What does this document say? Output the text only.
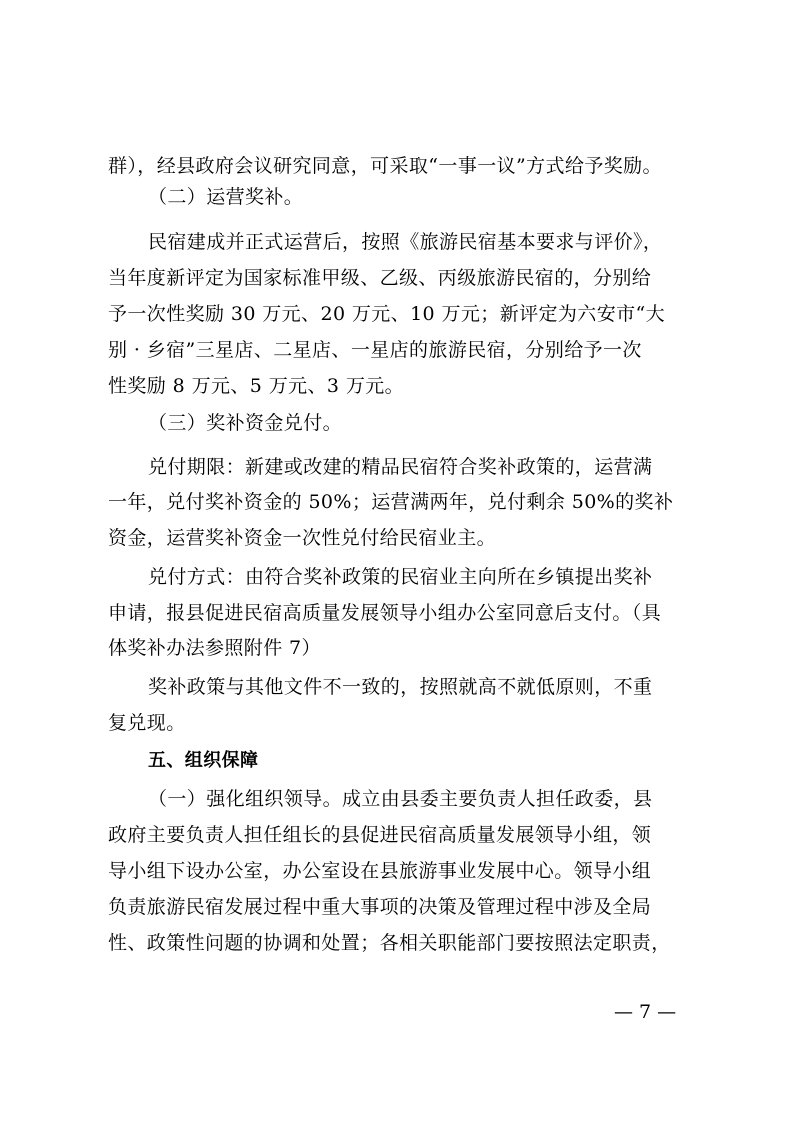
群），经县政府会议研究同意，可采取“一事一议”方式给予奖励。
（二）运营奖补。
民宿建成并正式运营后，按照《旅游民宿基本要求与评价》，
当年度新评定为国家标准甲级、乙级、丙级旅游民宿的，分别给
予一次性奖励 30 万元、20 万元、10 万元；新评定为六安市“大
别 · 乡宿”三星店、二星店、一星店的旅游民宿，分别给予一次
性奖励 8 万元、5 万元、3 万元。
（三）奖补资金兑付。
兑付期限：新建或改建的精品民宿符合奖补政策的，运营满
一年，兑付奖补资金的 50%；运营满两年，兑付剩余 50%的奖补
资金，运营奖补资金一次性兑付给民宿业主。
兑付方式：由符合奖补政策的民宿业主向所在乡镇提出奖补
申请，报县促进民宿高质量发展领导小组办公室同意后支付。（具
体奖补办法参照附件 7）
奖补政策与其他文件不一致的，按照就高不就低原则，不重
复兑现。
五、组织保障
（一）强化组织领导。成立由县委主要负责人担任政委，县
政府主要负责人担任组长的县促进民宿高质量发展领导小组，领
导小组下设办公室，办公室设在县旅游事业发展中心。领导小组
负责旅游民宿发展过程中重大事项的决策及管理过程中涉及全局
性、政策性问题的协调和处置；各相关职能部门要按照法定职责，
— 7 —
